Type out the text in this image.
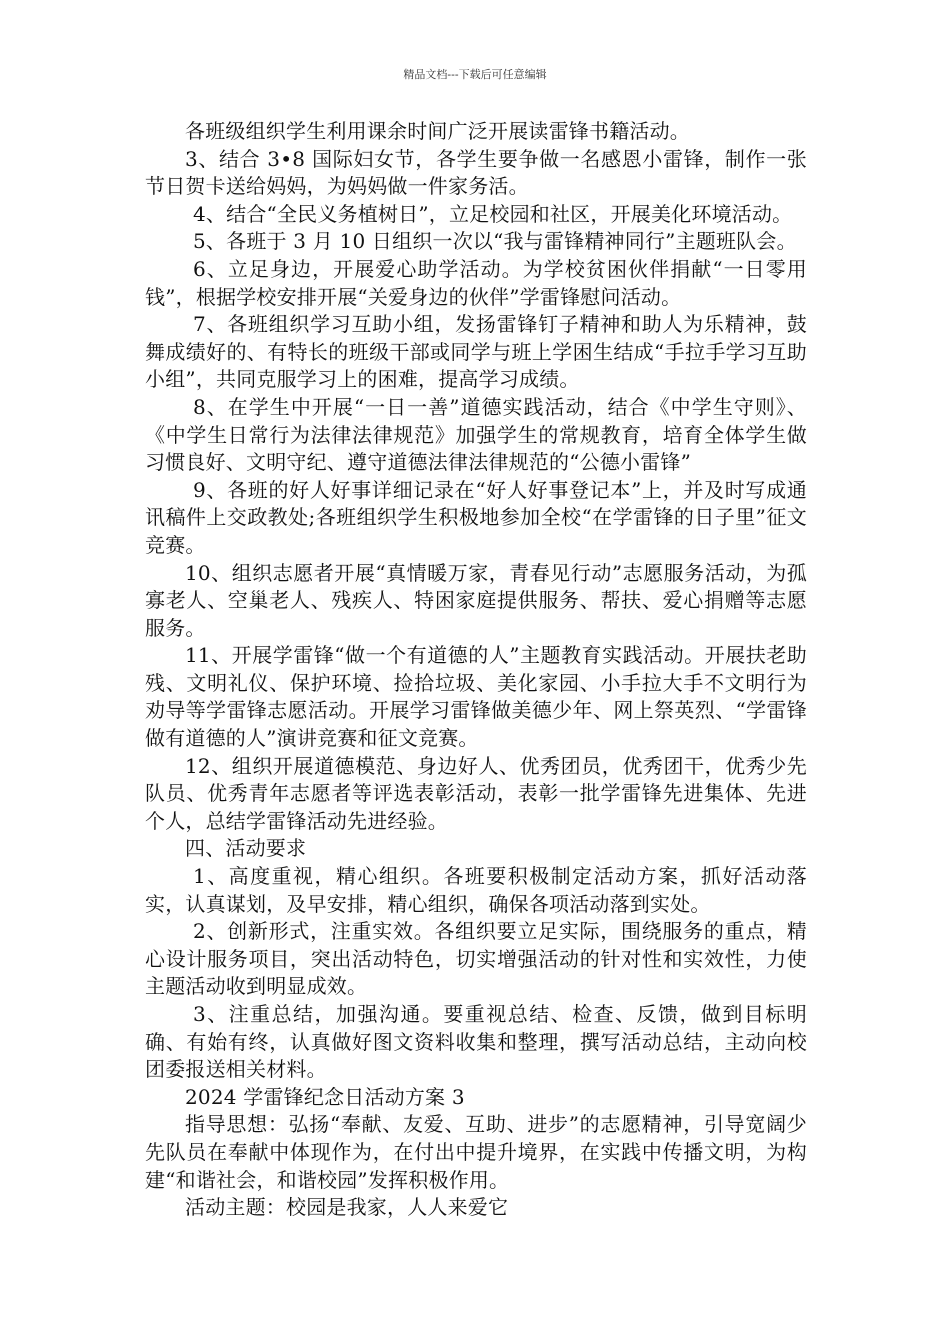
精品文档---下载后可任意编辑

各班级组织学生利用课余时间广泛开展读雷锋书籍活动。

3、结合 3•8 国际妇女节，各学生要争做一名感恩小雷锋，制作一张节日贺卡送给妈妈，为妈妈做一件家务活。

4、结合“全民义务植树日”，立足校园和社区，开展美化环境活动。

5、各班于 3 月 10 日组织一次以“我与雷锋精神同行”主题班队会。

6、立足身边，开展爱心助学活动。为学校贫困伙伴捐献“一日零用钱”，根据学校安排开展“关爱身边的伙伴”学雷锋慰问活动。

7、各班组织学习互助小组，发扬雷锋钉子精神和助人为乐精神，鼓舞成绩好的、有特长的班级干部或同学与班上学困生结成“手拉手学习互助小组”，共同克服学习上的困难，提高学习成绩。

8、在学生中开展“一日一善”道德实践活动，结合《中学生守则》、《中学生日常行为法律法律规范》加强学生的常规教育，培育全体学生做习惯良好、文明守纪、遵守道德法律法律规范的“公德小雷锋”

9、各班的好人好事详细记录在“好人好事登记本”上，并及时写成通讯稿件上交政教处;各班组织学生积极地参加全校“在学雷锋的日子里”征文竞赛。

10、组织志愿者开展“真情暖万家，青春见行动”志愿服务活动，为孤寡老人、空巢老人、残疾人、特困家庭提供服务、帮扶、爱心捐赠等志愿服务。

11、开展学雷锋“做一个有道德的人”主题教育实践活动。开展扶老助残、文明礼仪、保护环境、捡拾垃圾、美化家园、小手拉大手不文明行为劝导等学雷锋志愿活动。开展学习雷锋做美德少年、网上祭英烈、“学雷锋做有道德的人”演讲竞赛和征文竞赛。

12、组织开展道德模范、身边好人、优秀团员，优秀团干，优秀少先队员、优秀青年志愿者等评选表彰活动，表彰一批学雷锋先进集体、先进个人，总结学雷锋活动先进经验。

四、活动要求

1、高度重视，精心组织。各班要积极制定活动方案，抓好活动落实，认真谋划，及早安排，精心组织，确保各项活动落到实处。

2、创新形式，注重实效。各组织要立足实际，围绕服务的重点，精心设计服务项目，突出活动特色，切实增强活动的针对性和实效性，力使主题活动收到明显成效。

3、注重总结，加强沟通。要重视总结、检查、反馈，做到目标明确、有始有终，认真做好图文资料收集和整理，撰写活动总结，主动向校团委报送相关材料。

2024 学雷锋纪念日活动方案 3

指导思想：弘扬“奉献、友爱、互助、进步”的志愿精神，引导宽阔少先队员在奉献中体现作为，在付出中提升境界，在实践中传播文明，为构建“和谐社会，和谐校园”发挥积极作用。

活动主题：校园是我家，人人来爱它
